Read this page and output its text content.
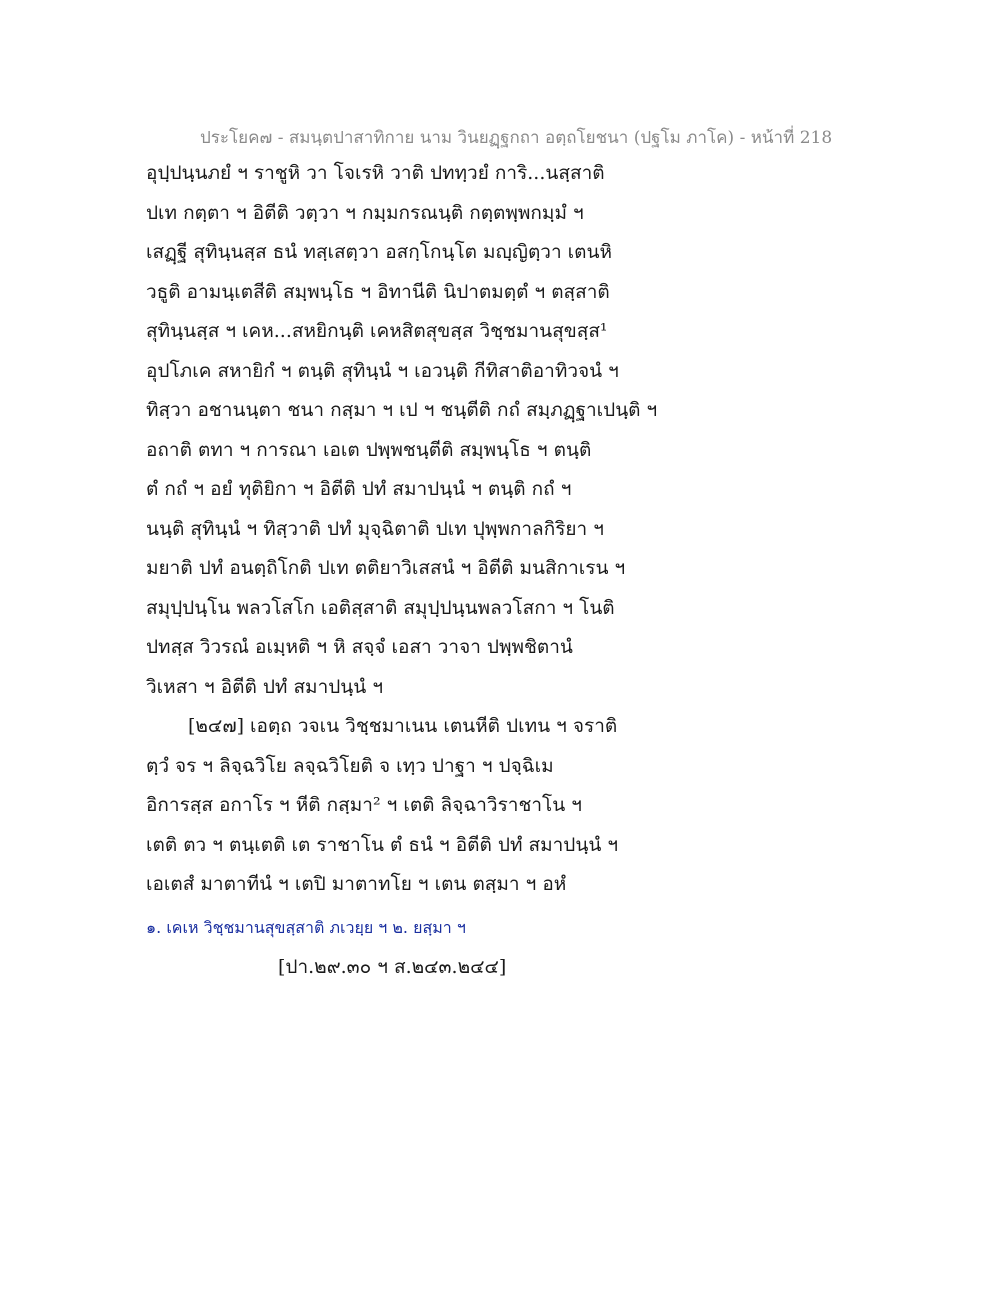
ประโยค๗ - สมนฺตปาสาทิกาย นาม วินยฏฺฐกถา อตฺถโยชนา (ปฐโม ภาโค) - หน้าที่ 218
อุปฺปนฺนภยํ ฯ ราชูหิ วา โจเรหิ วาติ ปททฺวยํ การิ...นสฺสาติ
ปเท กตฺตา ฯ อิตีติ วตฺวา ฯ กมฺมกรณนฺติ กตฺตพฺพกมฺมํ ฯ
เสฏฺฐี สุทินฺนสฺส ธนํ ทสฺเสตฺวา อสกฺโกนฺโต มญฺญิตฺวา เตนหิ
วธูติ อามนฺเตสีติ สมฺพนฺโธ ฯ อิทานีติ นิปาตมตฺตํ ฯ ตสฺสาติ
สุทินฺนสฺส ฯ เคห...สหยิกนฺติ เคหสิตสุขสฺส วิชฺชมานสุขสฺส¹
อุปโภเค สหายิกํ ฯ ตนฺติ สุทินฺนํ ฯ เอวนฺติ กีทิสาติอาทิวจนํ ฯ
ทิสฺวา อชานนฺตา ชนา กสฺมา ฯ เป ฯ ชนฺตีติ กถํ สมฺภฏฺฐาเปนฺติ ฯ
อถาติ ตทา ฯ การณา เอเต ปพฺพชนฺตีติ สมฺพนฺโธ ฯ ตนฺติ
ตํ กถํ ฯ อยํ ทุติยิกา ฯ อิตีติ ปทํ สมาปนฺนํ ฯ ตนฺติ กถํ ฯ
นนฺติ สุทินฺนํ ฯ ทิสฺวาติ ปทํ มุจฺฉิตาติ ปเท ปุพฺพกาลกิริยา ฯ
มยาติ ปทํ อนตฺถิโกติ ปเท ตติยาวิเสสนํ ฯ อิตีติ มนสิกาเรน ฯ
สมุปฺปนฺโน พลวโสโก เอติสฺสาติ สมุปฺปนฺนพลวโสกา ฯ โนติ
ปทสฺส วิวรณํ อเมฺหติ ฯ หิ สจฺจํ เอสา วาจา ปพฺพชิตานํ
วิเหสา ฯ อิตีติ ปทํ สมาปนฺนํ ฯ
[๒๔๗] เอตฺถ วจเน วิชฺชมาเนน เตนหีติ ปเทน ฯ จราติ
ตฺวํ จร ฯ ลิจฺฉวิโย ลจฺฉวิโยติ จ เทฺว ปาฐา ฯ ปจฺฉิเม
อิการสฺส อกาโร ฯ หีติ กสฺมา² ฯ เตติ ลิจฺฉาวิราชาโน ฯ
เตติ ตว ฯ ตนฺเตติ เต ราชาโน ตํ ธนํ ฯ อิตีติ ปทํ สมาปนฺนํ ฯ
เอเตสํ มาตาทีนํ ฯ เตปิ มาตาทโย ฯ เตน ตสฺมา ฯ อหํ
๑. เคเห วิชฺชมานสุขสฺสาติ ภเวยฺย ฯ ๒. ยสฺมา ฯ
[ปา.๒๙.๓๐ ฯ ส.๒๔๓.๒๔๔]
